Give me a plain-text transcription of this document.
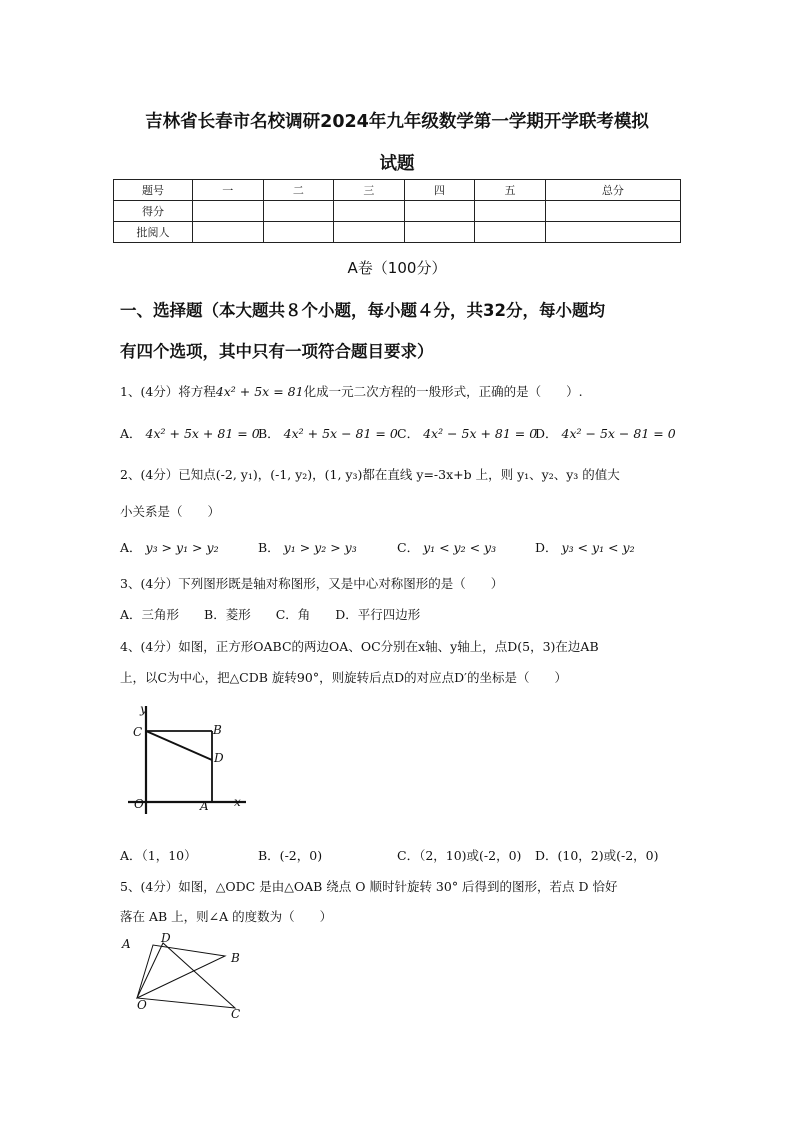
吉林省长春市名校调研2024年九年级数学第一学期开学联考模拟
试题
题号	一	二	三	四	五	总分
得分						
批阅人						
A卷（100分）
一、选择题（本大题共８个小题，每小题４分，共32分，每小题均
有四个选项，其中只有一项符合题目要求）
1、(4分）将方程4x² + 5x = 81化成一元二次方程的一般形式，正确的是（　　）.
A． 4x² + 5x + 81 = 0
B． 4x² + 5x − 81 = 0 C． 4x² − 5x + 81 = 0
D． 4x² − 5x − 81 = 0
2、(4分）已知点(-2, y₁)，(-1, y₂)，(1, y₃)都在直线 y=-3x+b 上，则 y₁、y₂、y₃ 的值大
小关系是（　　）
A． y₃ > y₁ > y₂	B． y₁ > y₂ > y₃	C． y₁ < y₂ < y₃	D． y₃ < y₁ < y₂
3、(4分）下列图形既是轴对称图形，又是中心对称图形的是（　　）
A．三角形　　B．菱形　　C．角　　D．平行四边形
4、(4分）如图，正方形OABC的两边OA、OC分别在x轴、y轴上，点D(5，3)在边AB
上，以C为中心，把△CDB 旋转90°，则旋转后点D的对应点D′的坐标是（　　）
y
C	B
D
O	A x
A．（1，10）	B．(-2，0)	C．（2，10)或(-2，0) D．(10，2)或(-2，0)
5、(4分）如图，△ODC 是由△OAB 绕点 O 顺时针旋转 30° 后得到的图形，若点 D 恰好
落在 AB 上，则∠A 的度数为（　　）
A	D
B
O
C
